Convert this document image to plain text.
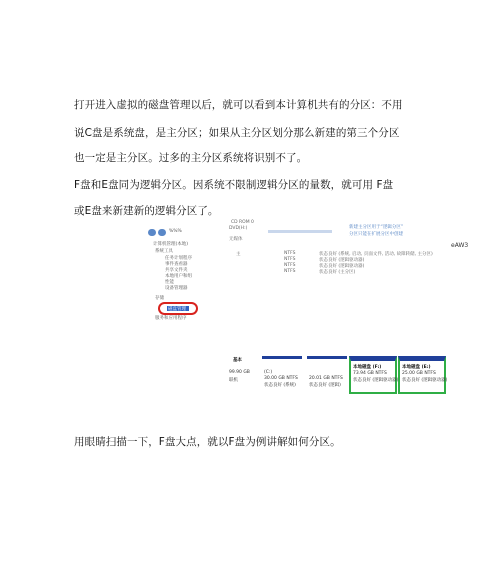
打开进入虚拟的磁盘管理以后，就可以看到本计算机共有的分区：不用
说C盘是系统盘，是主分区；如果从主分区划分那么新建的第三个分区
也一定是主分区。过多的主分区系统将识别不了。
F盘和E盘同为逻辑分区。因系统不限制逻辑分区的量数，就可用 F盘
或E盘来新建新的逻辑分区了。
%%%
计算机管理(本地)
系统工具
任务计划程序
事件查看器
共享文件夹
本地用户和组
性能
设备管理器
存储
磁盘管理
服务和应用程序
CD ROM 0
DVD(H:)
无媒体
新建主分区用于“逻辑分区”
分区只能在扩展分区中创建
主	NTFS	状态良好 (系统, 启动, 页面文件, 活动, 故障转储, 主分区)
NTFS	状态良好 (逻辑驱动器)
NTFS	状态良好 (逻辑驱动器)
NTFS	状态良好 (主分区)
eAW3
基本
99.90 GB
联机
(C:)
30.00 GB NTFS
状态良好 (系统)
20.01 GB NTFS
状态良好 (逻辑)
本地磁盘 (F:)
73.94 GB NTFS
状态良好 (逻辑驱动器)
本地磁盘 (E:)
25.00 GB NTFS
状态良好 (逻辑驱动器)
用眼睛扫描一下，F盘大点，就以F盘为例讲解如何分区。
